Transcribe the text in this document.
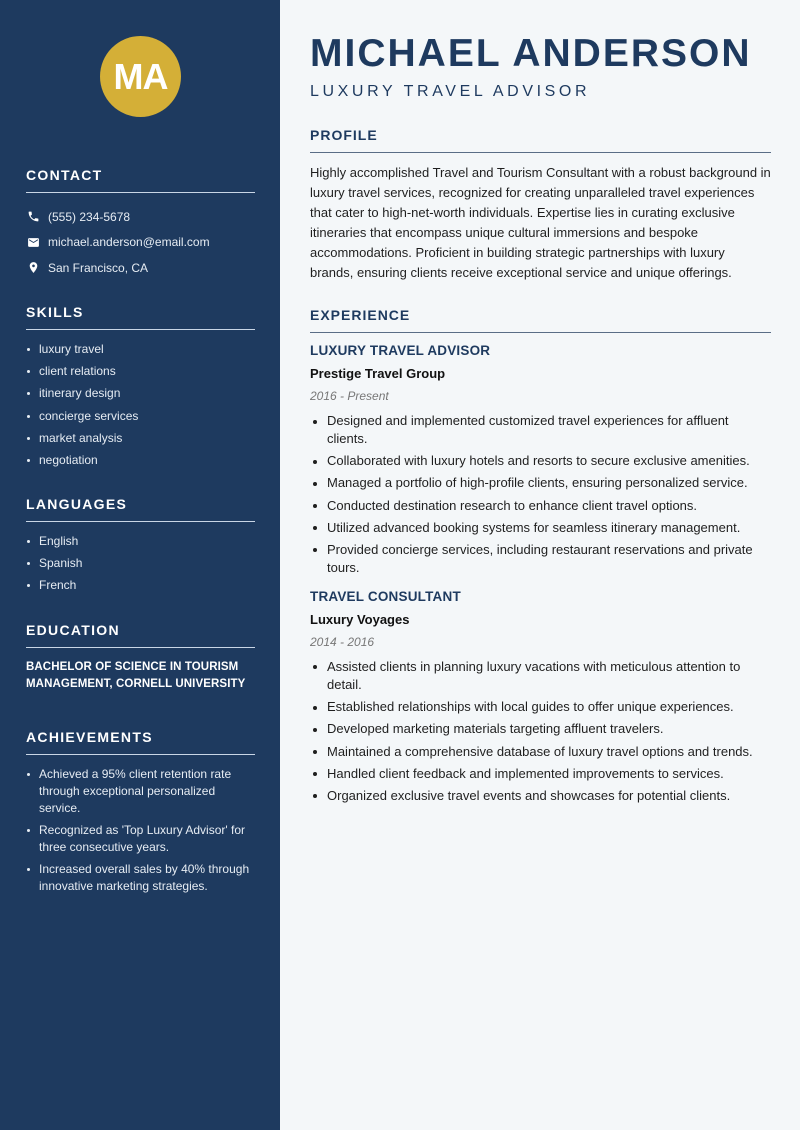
MA
CONTACT
(555) 234-5678
michael.anderson@email.com
San Francisco, CA
SKILLS
luxury travel
client relations
itinerary design
concierge services
market analysis
negotiation
LANGUAGES
English
Spanish
French
EDUCATION
BACHELOR OF SCIENCE IN TOURISM MANAGEMENT, CORNELL UNIVERSITY
ACHIEVEMENTS
Achieved a 95% client retention rate through exceptional personalized service.
Recognized as 'Top Luxury Advisor' for three consecutive years.
Increased overall sales by 40% through innovative marketing strategies.
MICHAEL ANDERSON
LUXURY TRAVEL ADVISOR
PROFILE

Highly accomplished Travel and Tourism Consultant with a robust background in luxury travel services, recognized for creating unparalleled travel experiences that cater to high-net-worth individuals. Expertise lies in curating exclusive itineraries that encompass unique cultural immersions and bespoke accommodations. Proficient in building strategic partnerships with luxury brands, ensuring clients receive exceptional service and unique offerings.

EXPERIENCE
LUXURY TRAVEL ADVISOR
Prestige Travel Group
2016 - Present
Designed and implemented customized travel experiences for affluent clients.
Collaborated with luxury hotels and resorts to secure exclusive amenities.
Managed a portfolio of high-profile clients, ensuring personalized service.
Conducted destination research to enhance client travel options.
Utilized advanced booking systems for seamless itinerary management.
Provided concierge services, including restaurant reservations and private tours.
TRAVEL CONSULTANT
Luxury Voyages
2014 - 2016
Assisted clients in planning luxury vacations with meticulous attention to detail.
Established relationships with local guides to offer unique experiences.
Developed marketing materials targeting affluent travelers.
Maintained a comprehensive database of luxury travel options and trends.
Handled client feedback and implemented improvements to services.
Organized exclusive travel events and showcases for potential clients.
